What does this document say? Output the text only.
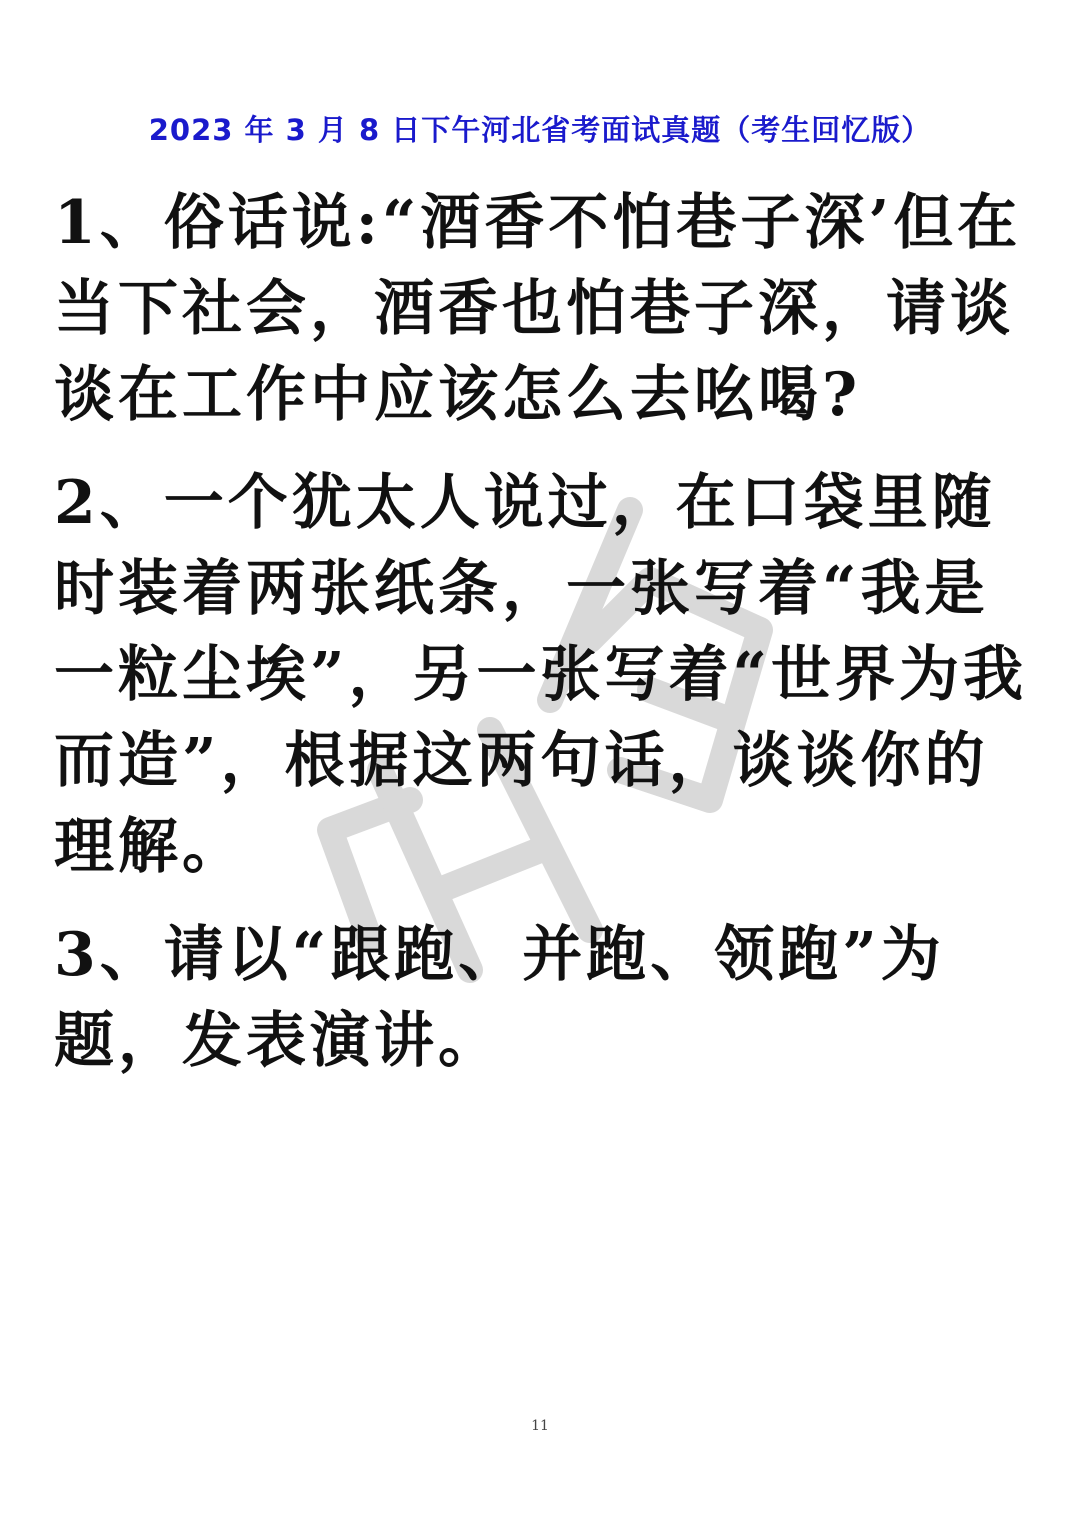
2023 年 3 月 8 日下午河北省考面试真题（考生回忆版）

1、俗话说:“酒香不怕巷子深’但在当下社会，酒香也怕巷子深，请谈谈在工作中应该怎么去吆喝?

2、一个犹太人说过，在口袋里随时装着两张纸条，一张写着“我是一粒尘埃”，另一张写着“世界为我而造”，根据这两句话，谈谈你的理解。

3、请以“跟跑、并跑、领跑”为题，发表演讲。

11
